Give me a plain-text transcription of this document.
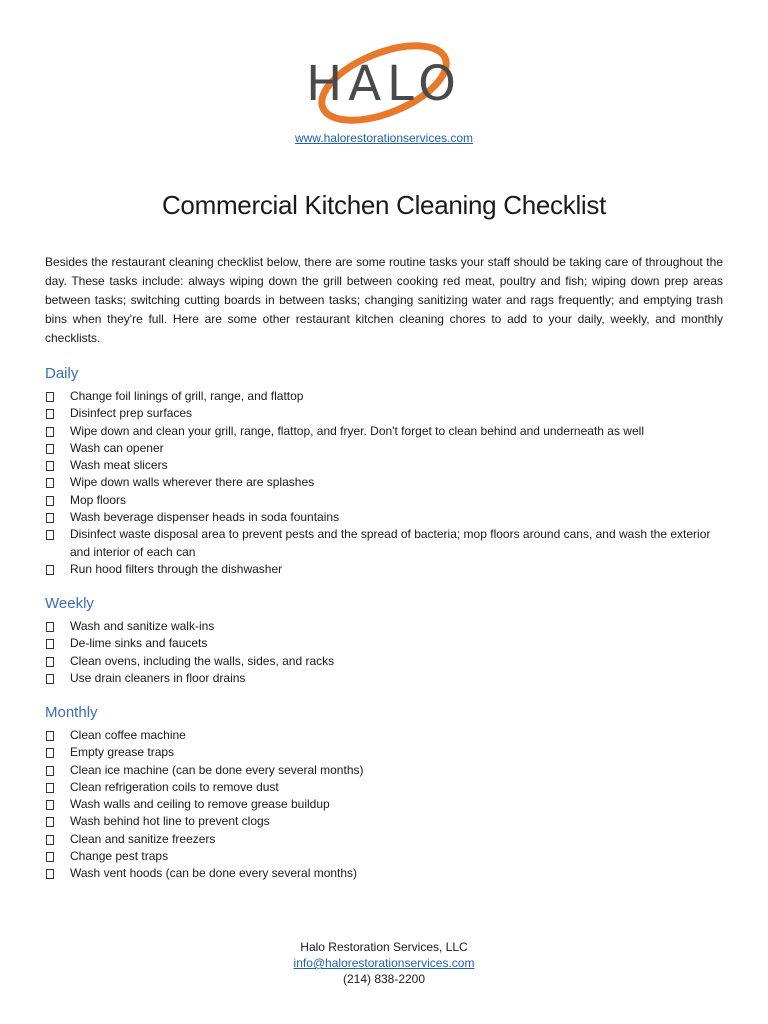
HALO
www.halorestorationservices.com
Commercial Kitchen Cleaning Checklist

Besides the restaurant cleaning checklist below, there are some routine tasks your staff should be taking care of throughout the day. These tasks include: always wiping down the grill between cooking red meat, poultry and fish; wiping down prep areas between tasks; switching cutting boards in between tasks; changing sanitizing water and rags frequently; and emptying trash bins when they're full. Here are some other restaurant kitchen cleaning chores to add to your daily, weekly, and monthly checklists.

Daily
Change foil linings of grill, range, and flattop
Disinfect prep surfaces
Wipe down and clean your grill, range, flattop, and fryer. Don't forget to clean behind and underneath as well
Wash can opener
Wash meat slicers
Wipe down walls wherever there are splashes
Mop floors
Wash beverage dispenser heads in soda fountains
Disinfect waste disposal area to prevent pests and the spread of bacteria; mop floors around cans, and wash the exterior and interior of each can
Run hood filters through the dishwasher
Weekly
Wash and sanitize walk-ins
De-lime sinks and faucets
Clean ovens, including the walls, sides, and racks
Use drain cleaners in floor drains
Monthly
Clean coffee machine
Empty grease traps
Clean ice machine (can be done every several months)
Clean refrigeration coils to remove dust
Wash walls and ceiling to remove grease buildup
Wash behind hot line to prevent clogs
Clean and sanitize freezers
Change pest traps
Wash vent hoods (can be done every several months)
Halo Restoration Services, LLC
info@halorestorationservices.com
(214) 838-2200
